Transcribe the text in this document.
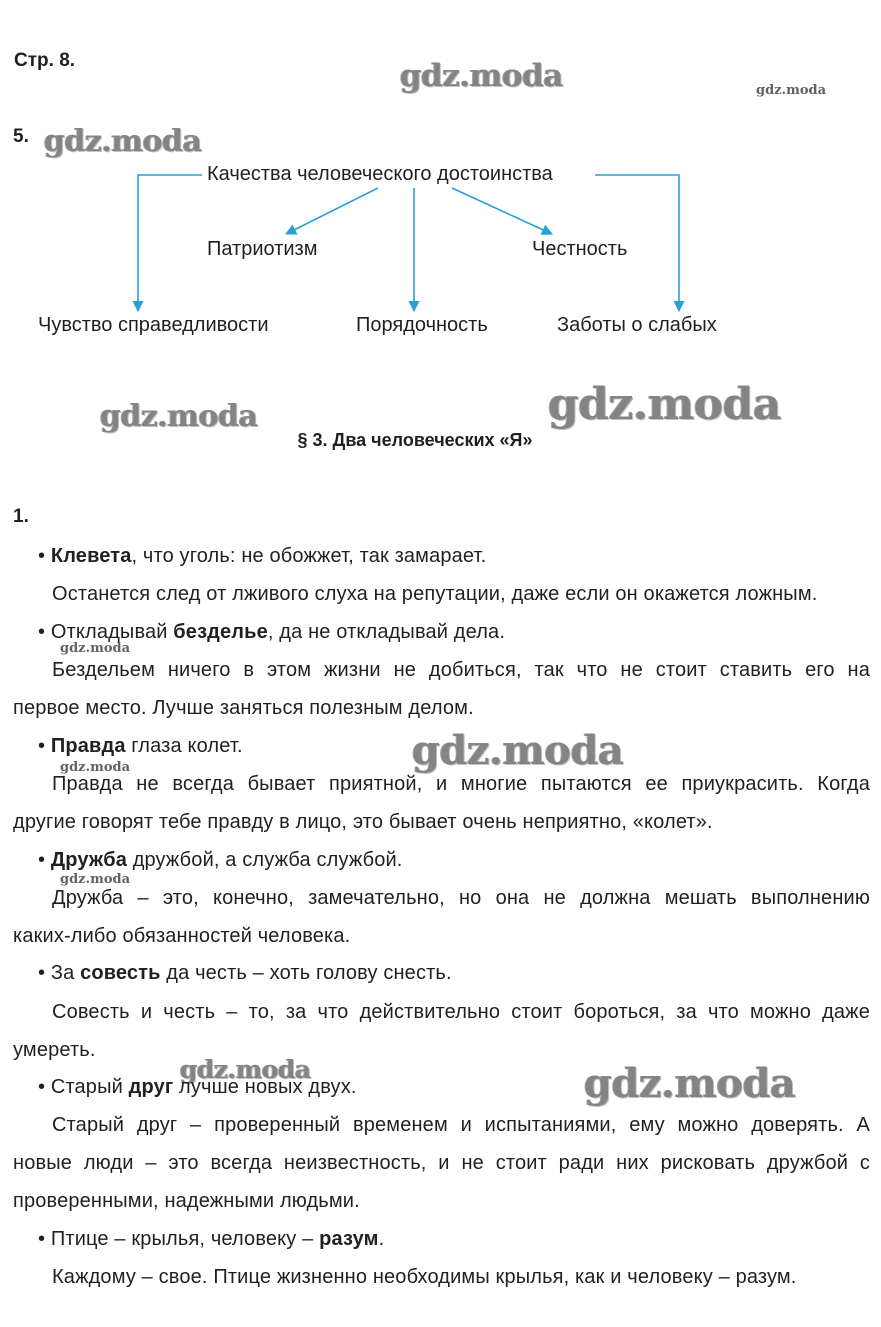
Стр. 8.	gdz.moda	gdz.moda
gdz.moda
gdz.moda	gdz.moda
gdz.moda
gdz.moda
gdz.moda
gdz.moda
gdz.moda	gdz.moda
5.
Качества человеческого достоинства
Патриотизм	Честность
Чувство справедливости	Порядочность	Заботы о слабых
§ 3. Два человеческих «Я»
1.
• Клевета, что уголь: не обожжет, так замарает.
Останется след от лживого слуха на репутации, даже если он окажется ложным.
• Откладывай безделье, да не откладывай дела.
Бездельем ничего в этом жизни не добиться, так что не стоит ставить его на
первое место. Лучше заняться полезным делом.
• Правда глаза колет.
Правда не всегда бывает приятной, и многие пытаются ее приукрасить. Когда
другие говорят тебе правду в лицо, это бывает очень неприятно, «колет».
• Дружба дружбой, а служба службой.
Дружба – это, конечно, замечательно, но она не должна мешать выполнению
каких-либо обязанностей человека.
• За совесть да честь – хоть голову снесть.
Совесть и честь – то, за что действительно стоит бороться, за что можно даже
умереть.
• Старый друг лучше новых двух.
Старый друг – проверенный временем и испытаниями, ему можно доверять. А
новые люди – это всегда неизвестность, и не стоит ради них рисковать дружбой с
проверенными, надежными людьми.
• Птице – крылья, человеку – разум.
Каждому – свое. Птице жизненно необходимы крылья, как и человеку – разум.
